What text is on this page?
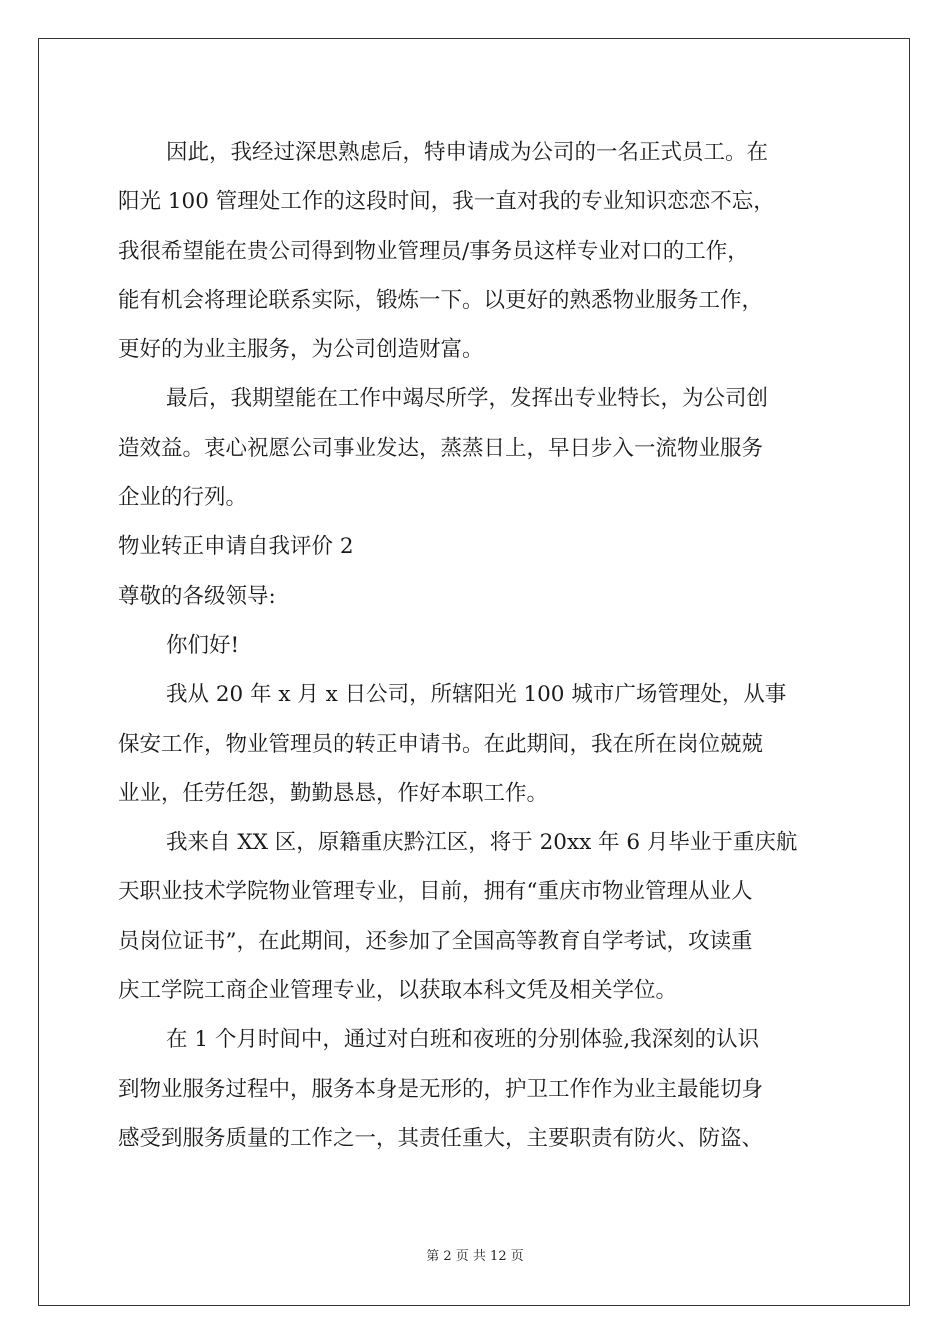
因此，我经过深思熟虑后，特申请成为公司的一名正式员工。在
阳光 100 管理处工作的这段时间，我一直对我的专业知识恋恋不忘，
我很希望能在贵公司得到物业管理员/事务员这样专业对口的工作，
能有机会将理论联系实际，锻炼一下。以更好的熟悉物业服务工作，
更好的为业主服务，为公司创造财富。
最后，我期望能在工作中竭尽所学，发挥出专业特长，为公司创
造效益。衷心祝愿公司事业发达，蒸蒸日上，早日步入一流物业服务
企业的行列。
物业转正申请自我评价 2
尊敬的各级领导:
你们好!
我从 20 年 x 月 x 日公司，所辖阳光 100 城市广场管理处，从事
保安工作，物业管理员的转正申请书。在此期间，我在所在岗位兢兢
业业，任劳任怨，勤勤恳恳，作好本职工作。
我来自 XX 区，原籍重庆黔江区，将于 20xx 年 6 月毕业于重庆航
天职业技术学院物业管理专业，目前，拥有“重庆市物业管理从业人
员岗位证书”，在此期间，还参加了全国高等教育自学考试，攻读重
庆工学院工商企业管理专业，以获取本科文凭及相关学位。
在 1 个月时间中，通过对白班和夜班的分别体验,我深刻的认识
到物业服务过程中，服务本身是无形的，护卫工作作为业主最能切身
感受到服务质量的工作之一，其责任重大，主要职责有防火、防盗、
第 2 页 共 12 页
